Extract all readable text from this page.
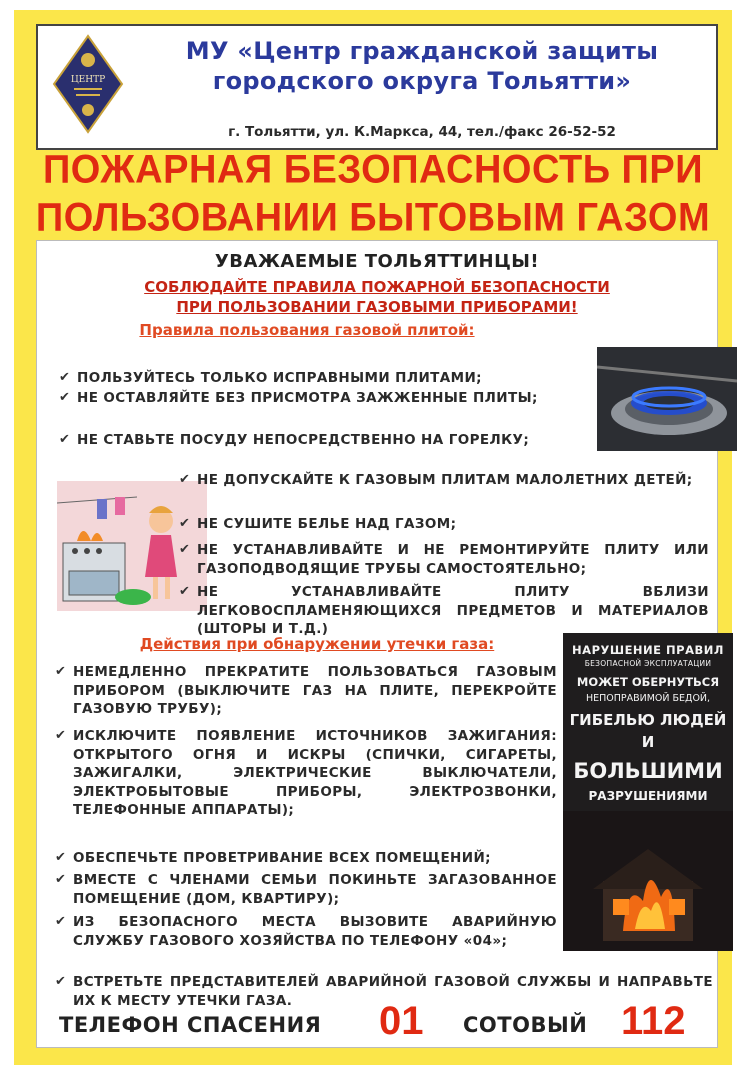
ЦЕНТР
МУ «Центр гражданской защиты
городского округа Тольятти»
г. Тольятти, ул. К.Маркса, 44, тел./факс 26-52-52
ПОЖАРНАЯ БЕЗОПАСНОСТЬ ПРИ
ПОЛЬЗОВАНИИ БЫТОВЫМ ГАЗОМ
УВАЖАЕМЫЕ ТОЛЬЯТТИНЦЫ!
СОБЛЮДАЙТЕ ПРАВИЛА ПОЖАРНОЙ БЕЗОПАСНОСТИ
ПРИ ПОЛЬЗОВАНИИ ГАЗОВЫМИ ПРИБОРАМИ!
Правила пользования газовой плитой:
✔ ПОЛЬЗУЙТЕСЬ ТОЛЬКО ИСПРАВНЫМИ ПЛИТАМИ;
✔ НЕ ОСТАВЛЯЙТЕ БЕЗ ПРИСМОТРА ЗАЖЖЕННЫЕ ПЛИТЫ;
✔ НЕ СТАВЬТЕ ПОСУДУ НЕПОСРЕДСТВЕННО НА ГОРЕЛКУ;
✔ НЕ ДОПУСКАЙТЕ К ГАЗОВЫМ ПЛИТАМ МАЛОЛЕТНИХ ДЕТЕЙ;
✔ НЕ СУШИТЕ БЕЛЬЕ НАД ГАЗОМ;
✔ НЕ УСТАНАВЛИВАЙТЕ И НЕ РЕМОНТИРУЙТЕ ПЛИТУ ИЛИ ГАЗОПОДВОДЯЩИЕ ТРУБЫ САМОСТОЯТЕЛЬНО;
✔ НЕ УСТАНАВЛИВАЙТЕ ПЛИТУ ВБЛИЗИ ЛЕГКОВОСПЛАМЕНЯЮЩИХСЯ ПРЕДМЕТОВ И МАТЕРИАЛОВ (ШТОРЫ И Т.Д.)
Действия при обнаружении утечки газа:	НАРУШЕНИЕ ПРАВИЛ
БЕЗОПАСНОЙ ЭКСПЛУАТАЦИИ
МОЖЕТ ОБЕРНУТЬСЯ
НЕПОПРАВИМОЙ БЕДОЙ,
ГИБЕЛЬЮ ЛЮДЕЙ
И
БОЛЬШИМИ
РАЗРУШЕНИЯМИ
✔ НЕМЕДЛЕННО ПРЕКРАТИТЕ ПОЛЬЗОВАТЬСЯ ГАЗОВЫМ ПРИБОРОМ (ВЫКЛЮЧИТЕ ГАЗ НА ПЛИТЕ, ПЕРЕКРОЙТЕ ГАЗОВУЮ ТРУБУ);
✔ ИСКЛЮЧИТЕ ПОЯВЛЕНИЕ ИСТОЧНИКОВ ЗАЖИГАНИЯ: ОТКРЫТОГО ОГНЯ И ИСКРЫ (СПИЧКИ, СИГАРЕТЫ, ЗАЖИГАЛКИ, ЭЛЕКТРИЧЕСКИЕ ВЫКЛЮЧАТЕЛИ, ЭЛЕКТРОБЫТОВЫЕ ПРИБОРЫ, ЭЛЕКТРОЗВОНКИ, ТЕЛЕФОННЫЕ АППАРАТЫ);
✔ ОБЕСПЕЧЬТЕ ПРОВЕТРИВАНИЕ ВСЕХ ПОМЕЩЕНИЙ;
✔ ВМЕСТЕ С ЧЛЕНАМИ СЕМЬИ ПОКИНЬТЕ ЗАГАЗОВАННОЕ ПОМЕЩЕНИЕ (ДОМ, КВАРТИРУ);
✔ ИЗ БЕЗОПАСНОГО МЕСТА ВЫЗОВИТЕ АВАРИЙНУЮ СЛУЖБУ ГАЗОВОГО ХОЗЯЙСТВА ПО ТЕЛЕФОНУ «04»;
✔ ВСТРЕТЬТЕ ПРЕДСТАВИТЕЛЕЙ АВАРИЙНОЙ ГАЗОВОЙ СЛУЖБЫ И НАПРАВЬТЕ ИХ К МЕСТУ УТЕЧКИ ГАЗА.
ТЕЛЕФОН СПАСЕНИЯ 01 СОТОВЫЙ 112
